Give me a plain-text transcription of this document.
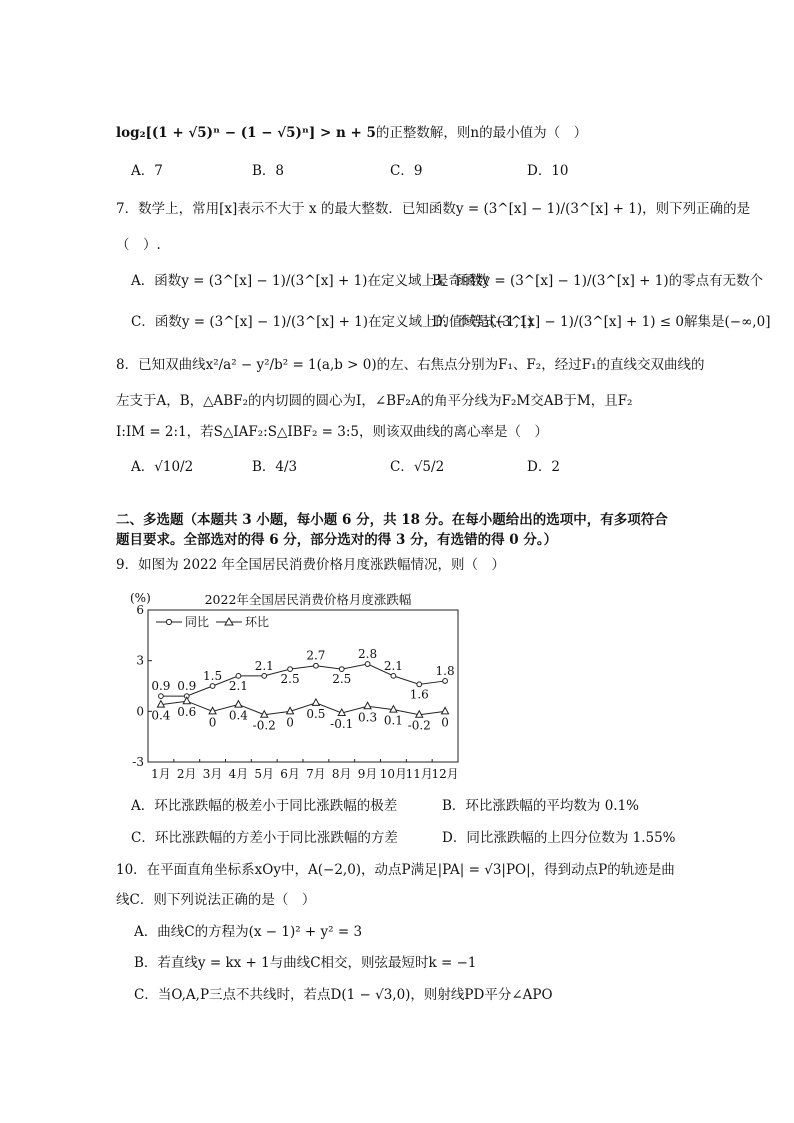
log₂[(1 + √5)ⁿ − (1 − √5)ⁿ] > n + 5的正整数解，则n的最小值为（　）
A．7	B．8	C．9	D．10
7．数学上，常用[x]表示不大于 x 的最大整数．已知函数y = (3^[x] − 1)/(3^[x] + 1)，则下列正确的是
（　）.
A．函数y = (3^[x] − 1)/(3^[x] + 1)在定义域上是奇函数
B．函数y = (3^[x] − 1)/(3^[x] + 1)的零点有无数个
C．函数y = (3^[x] − 1)/(3^[x] + 1)在定义域上的值域是(−1,1)
D．不等式(3^[x] − 1)/(3^[x] + 1) ≤ 0解集是(−∞,0]
8．已知双曲线x²/a² − y²/b² = 1(a,b > 0)的左、右焦点分别为F₁、F₂，经过F₁的直线交双曲线的
左支于A，B，△ABF₂的内切圆的圆心为I，∠BF₂A的角平分线为F₂M交AB于M，且F₂
I:IM = 2:1，若S△IAF₂:S△IBF₂ = 3:5，则该双曲线的离心率是（　）
A．√10/2	B．4/3	C．√5/2	D．2
二、多选题（本题共 3 小题，每小题 6 分，共 18 分。在每小题给出的选项中，有多项符合
题目要求。全部选对的得 6 分，部分选对的得 3 分，有选错的得 0 分。）
9．如图为 2022 年全国居民消费价格月度涨跌幅情况，则（　）
(%)	2022年全国居民消费价格月度涨跌幅
-3
0
3
6
1月 2月 3月 4月 5月 6月 7月 8月 9月 10月
11月
12月
同比	环比
0.9 0.9
1.5
2.1
2.1
2.5
2.7
2.5
2.8
2.1
1.6
1.8
0.4 0.6
0 0.4
-0.2 0
0.5
-0.1 0.3 0.1 -0.2 0
A．环比涨跌幅的极差小于同比涨跌幅的极差	B．环比涨跌幅的平均数为 0.1%
C．环比涨跌幅的方差小于同比涨跌幅的方差	D．同比涨跌幅的上四分位数为 1.55%
10．在平面直角坐标系xOy中，A(−2,0)，动点P满足|PA| = √3|PO|，得到动点P的轨迹是曲
线C．则下列说法正确的是（　）
A．曲线C的方程为(x − 1)² + y² = 3
B．若直线y = kx + 1与曲线C相交，则弦最短时k = −1
C．当O,A,P三点不共线时，若点D(1 − √3,0)，则射线PD平分∠APO
